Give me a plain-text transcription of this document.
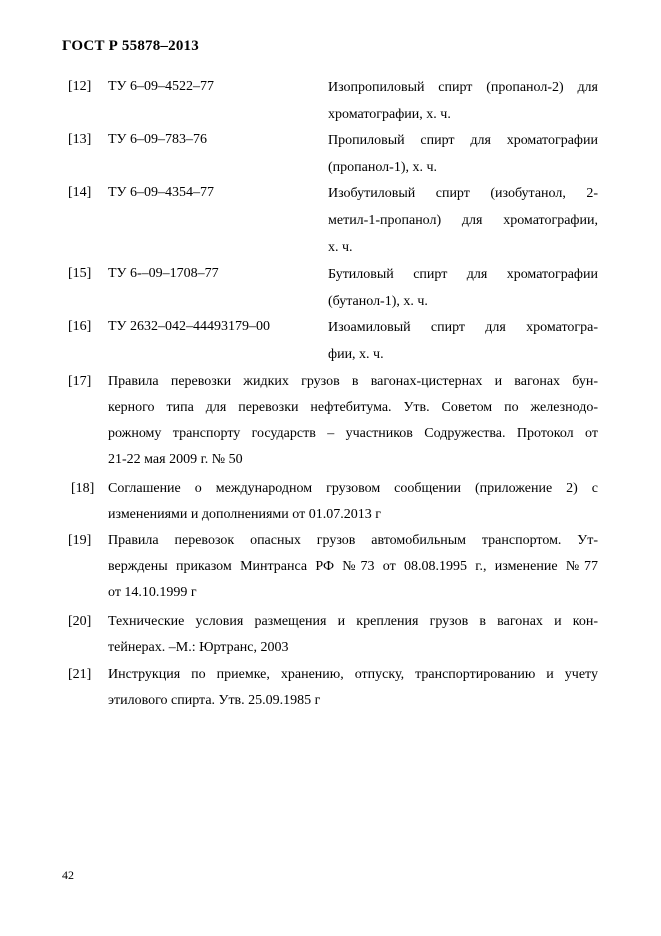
ГОСТ Р 55878–2013
[12] ТУ 6–09–4522–77	Изопропиловый спирт (пропанол-2) для
хроматографии, х. ч.
[13] ТУ 6–09–783–76	Пропиловый спирт для хроматографии
(пропанол-1), х. ч.
[14] ТУ 6–09–4354–77	Изобутиловый спирт (изобутанол, 2-
метил-1-пропанол) для хроматографии,
х. ч.
[15] ТУ 6-–09–1708–77	Бутиловый спирт для хроматографии
(бутанол-1), х. ч.
[16] ТУ 2632–042–44493179–00	Изоамиловый спирт для хроматогра-
фии, х. ч.
[17] Правила перевозки жидких грузов в вагонах-цистернах и вагонах бун-
керного типа для перевозки нефтебитума. Утв. Советом по железнодо-
рожному транспорту государств – участников Содружества. Протокол от
21-22 мая 2009 г. № 50
[18] Соглашение о международном грузовом сообщении (приложение 2) с
изменениями и дополнениями от 01.07.2013 г
[19] Правила перевозок опасных грузов автомобильным транспортом. Ут-
верждены приказом Минтранса РФ №73 от 08.08.1995 г., изменение №77
от 14.10.1999 г
[20] Технические условия размещения и крепления грузов в вагонах и кон-
тейнерах. –М.: Юртранс, 2003
[21] Инструкция по приемке, хранению, отпуску, транспортированию и учету
этилового спирта. Утв. 25.09.1985 г
42
